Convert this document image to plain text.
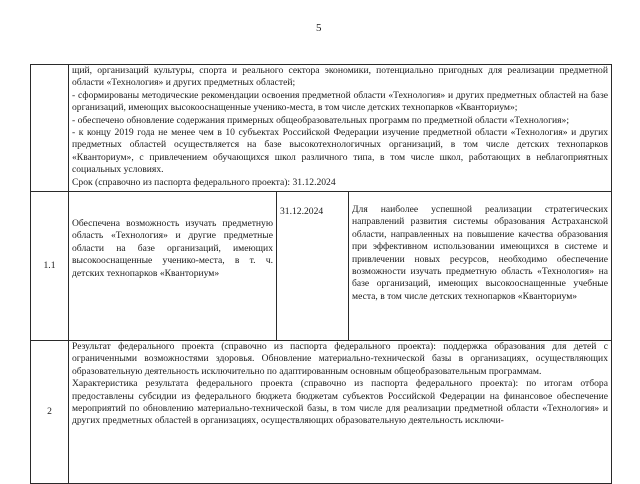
5

	щий, организаций культуры, спорта и реального сектора экономики, потенциально пригодных для реализации предметной области «Технология» и других предметных областей;

- сформированы методические рекомендации освоения предметной области «Технология» и других предметных областей на базе организаций, имеющих высокооснащенные ученико-места, в том числе детских технопарков «Кванториум»;

- обеспечено обновление содержания примерных общеобразовательных программ по предметной области «Технология»;

- к концу 2019 года не менее чем в 10 субъектах Российской Федерации изучение предметной области «Технология» и других предметных областей осуществляется на базе высокотехнологичных организаций, в том числе детских технопарков «Кванториум», с привлечением обучающихся школ различного типа, в том числе школ, работающих в неблагоприятных социальных условиях.

Срок (справочно из паспорта федерального проекта): 31.12.2024		

1.1	Обеспечена возможность изучать предметную область «Технология» и другие предметные области на базе организаций, имеющих высокооснащенные ученико-места, в т. ч. детских технопарков «Кванториум»	31.12.2024	Для наиболее успешной реализации стратегических направлений развития системы образования Астраханской области, направленных на повышение качества образования при эффективном использовании имеющихся в системе и привлечении новых ресурсов, необходимо обеспечение возможности изучать предметную область «Технология» на базе организаций, имеющих высокооснащенные учебные места, в том числе детских технопарков «Кванториум»
2	Результат федерального проекта (справочно из паспорта федерального проекта): поддержка образования для детей с ограниченными возможностями здоровья. Обновление материально-технической базы в организациях, осуществляющих образовательную деятельность исключительно по адаптированным основным общеобразовательным программам.

Характеристика результата федерального проекта (справочно из паспорта федерального проекта): по итогам отбора предоставлены субсидии из федерального бюджета бюджетам субъектов Российской Федерации на финансовое обеспечение мероприятий по обновлению материально-технической базы, в том числе для реализации предметной области «Технология» и других предметных областей в организациях, осуществляющих образовательную деятельность исключи-		
